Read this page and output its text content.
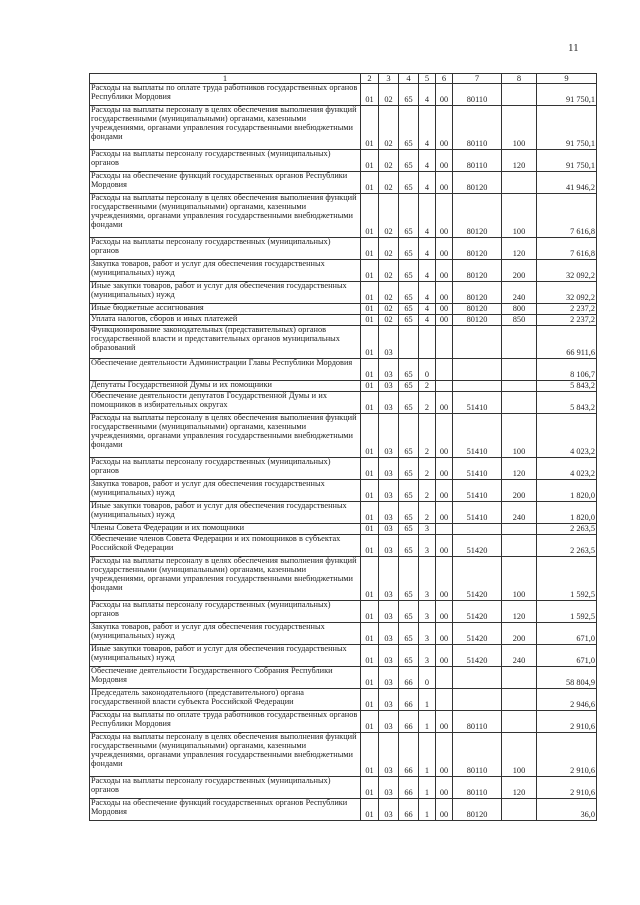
11
1	2	3	4	5	6	7	8	9
Расходы на выплаты по оплате труда работников государственных органов Республики Мордовия	01	02	65	4	00	80110		91 750,1
Расходы на выплаты персоналу в целях обеспечения выполнения функций государственными (муниципальными) органами, казенными учреждениями, органами управления государственными внебюджетными фондами	01	02	65	4	00	80110	100	91 750,1
Расходы на выплаты персоналу государственных (муниципальных) органов	01	02	65	4	00	80110	120	91 750,1
Расходы на обеспечение функций государственных органов Республики Мордовия	01	02	65	4	00	80120		41 946,2
Расходы на выплаты персоналу в целях обеспечения выполнения функций государственными (муниципальными) органами, казенными учреждениями, органами управления государственными внебюджетными фондами	01	02	65	4	00	80120	100	7 616,8
Расходы на выплаты персоналу государственных (муниципальных) органов	01	02	65	4	00	80120	120	7 616,8
Закупка товаров, работ и услуг для обеспечения государственных (муниципальных) нужд	01	02	65	4	00	80120	200	32 092,2
Иные закупки товаров, работ и услуг для обеспечения государственных (муниципальных) нужд	01	02	65	4	00	80120	240	32 092,2
Иные бюджетные ассигнования	01	02	65	4	00	80120	800	2 237,2
Уплата налогов, сборов и иных платежей	01	02	65	4	00	80120	850	2 237,2
Функционирование законодательных (представительных) органов государственной власти и представительных органов муниципальных образований	01	03						66 911,6
Обеспечение деятельности Администрации Главы Республики Мордовия	01	03	65	0				8 106,7
Депутаты Государственной Думы и их помощники	01	03	65	2				5 843,2
Обеспечение деятельности депутатов Государственной Думы и их помощников в избирательных округах	01	03	65	2	00	51410		5 843,2
Расходы на выплаты персоналу в целях обеспечения выполнения функций государственными (муниципальными) органами, казенными учреждениями, органами управления государственными внебюджетными фондами	01	03	65	2	00	51410	100	4 023,2
Расходы на выплаты персоналу государственных (муниципальных) органов	01	03	65	2	00	51410	120	4 023,2
Закупка товаров, работ и услуг для обеспечения государственных (муниципальных) нужд	01	03	65	2	00	51410	200	1 820,0
Иные закупки товаров, работ и услуг для обеспечения государственных (муниципальных) нужд	01	03	65	2	00	51410	240	1 820,0
Члены Совета Федерации и их помощники	01	03	65	3				2 263,5
Обеспечение членов Совета Федерации и их помощников в субъектах Российской Федерации	01	03	65	3	00	51420		2 263,5
Расходы на выплаты персоналу в целях обеспечения выполнения функций государственными (муниципальными) органами, казенными учреждениями, органами управления государственными внебюджетными фондами	01	03	65	3	00	51420	100	1 592,5
Расходы на выплаты персоналу государственных (муниципальных) органов	01	03	65	3	00	51420	120	1 592,5
Закупка товаров, работ и услуг для обеспечения государственных (муниципальных) нужд	01	03	65	3	00	51420	200	671,0
Иные закупки товаров, работ и услуг для обеспечения государственных (муниципальных) нужд	01	03	65	3	00	51420	240	671,0
Обеспечение деятельности Государственного Собрания Республики Мордовия	01	03	66	0				58 804,9
Председатель законодательного (представительного) органа государственной власти субъекта Российской Федерации	01	03	66	1				2 946,6
Расходы на выплаты по оплате труда работников государственных органов Республики Мордовия	01	03	66	1	00	80110		2 910,6
Расходы на выплаты персоналу в целях обеспечения выполнения функций государственными (муниципальными) органами, казенными учреждениями, органами управления государственными внебюджетными фондами	01	03	66	1	00	80110	100	2 910,6
Расходы на выплаты персоналу государственных (муниципальных) органов	01	03	66	1	00	80110	120	2 910,6
Расходы на обеспечение функций государственных органов Республики Мордовия	01	03	66	1	00	80120		36,0
